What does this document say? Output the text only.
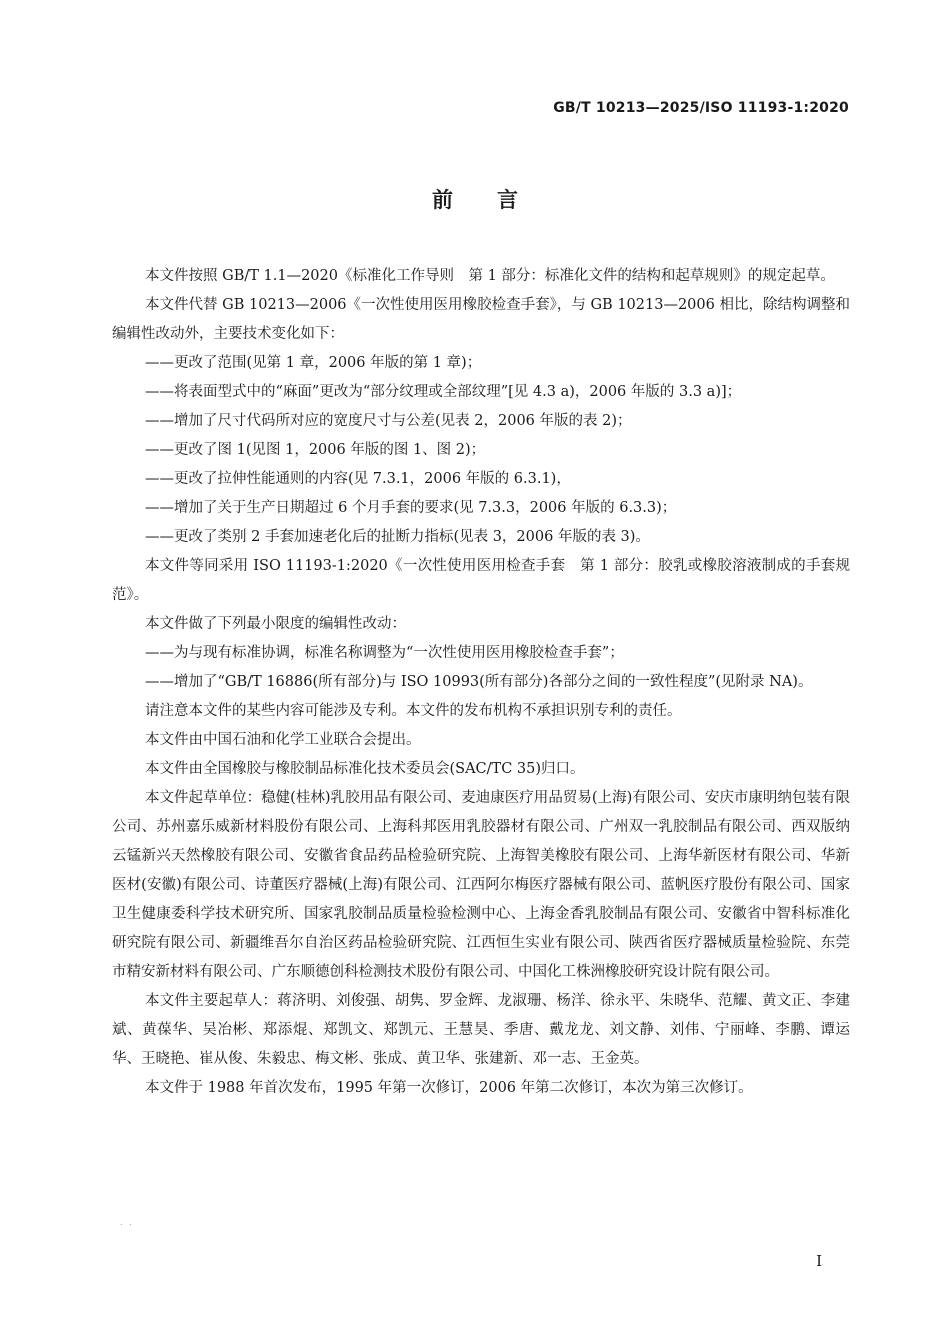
GB/T 10213—2025/ISO 11193-1:2020
前言

本文件按照 GB/T 1.1—2020《标准化工作导则　第 1 部分：标准化文件的结构和起草规则》的规定起草。

本文件代替 GB 10213—2006《一次性使用医用橡胶检查手套》，与 GB 10213—2006 相比，除结构调整和编辑性改动外，主要技术变化如下：

——更改了范围(见第 1 章，2006 年版的第 1 章)；

——将表面型式中的“麻面”更改为“部分纹理或全部纹理”[见 4.3 a)，2006 年版的 3.3 a)]；

——增加了尺寸代码所对应的宽度尺寸与公差(见表 2，2006 年版的表 2)；

——更改了图 1(见图 1，2006 年版的图 1、图 2)；

——更改了拉伸性能通则的内容(见 7.3.1，2006 年版的 6.3.1)，

——增加了关于生产日期超过 6 个月手套的要求(见 7.3.3，2006 年版的 6.3.3)；

——更改了类别 2 手套加速老化后的扯断力指标(见表 3，2006 年版的表 3)。

本文件等同采用 ISO 11193-1:2020《一次性使用医用检查手套　第 1 部分：胶乳或橡胶溶液制成的手套规范》。

本文件做了下列最小限度的编辑性改动：

——为与现有标准协调，标准名称调整为“一次性使用医用橡胶检查手套”；

——增加了“GB/T 16886(所有部分)与 ISO 10993(所有部分)各部分之间的一致性程度”(见附录 NA)。

请注意本文件的某些内容可能涉及专利。本文件的发布机构不承担识别专利的责任。

本文件由中国石油和化学工业联合会提出。

本文件由全国橡胶与橡胶制品标准化技术委员会(SAC/TC 35)归口。

本文件起草单位：稳健(桂林)乳胶用品有限公司、麦迪康医疗用品贸易(上海)有限公司、安庆市康明纳包装有限公司、苏州嘉乐威新材料股份有限公司、上海科邦医用乳胶器材有限公司、广州双一乳胶制品有限公司、西双版纳云锰新兴天然橡胶有限公司、安徽省食品药品检验研究院、上海智美橡胶有限公司、上海华新医材有限公司、华新医材(安徽)有限公司、诗董医疗器械(上海)有限公司、江西阿尔梅医疗器械有限公司、蓝帆医疗股份有限公司、国家卫生健康委科学技术研究所、国家乳胶制品质量检验检测中心、上海金香乳胶制品有限公司、安徽省中智科标准化研究院有限公司、新疆维吾尔自治区药品检验研究院、江西恒生实业有限公司、陕西省医疗器械质量检验院、东莞市精安新材料有限公司、广东顺德创科检测技术股份有限公司、中国化工株洲橡胶研究设计院有限公司。

本文件主要起草人：蒋济明、刘俊强、胡隽、罗金辉、龙淑珊、杨洋、徐永平、朱晓华、范耀、黄文正、李建斌、黄葆华、吴冶彬、郑添焜、郑凯文、郑凯元、王慧昊、季唐、戴龙龙、刘文静、刘伟、宁丽峰、李鹏、谭运华、王晓艳、崔从俊、朱毅忠、梅文彬、张成、黄卫华、张建新、邓一志、王金英。

本文件于 1988 年首次发布，1995 年第一次修订，2006 年第二次修订，本次为第三次修订。

. .
I
